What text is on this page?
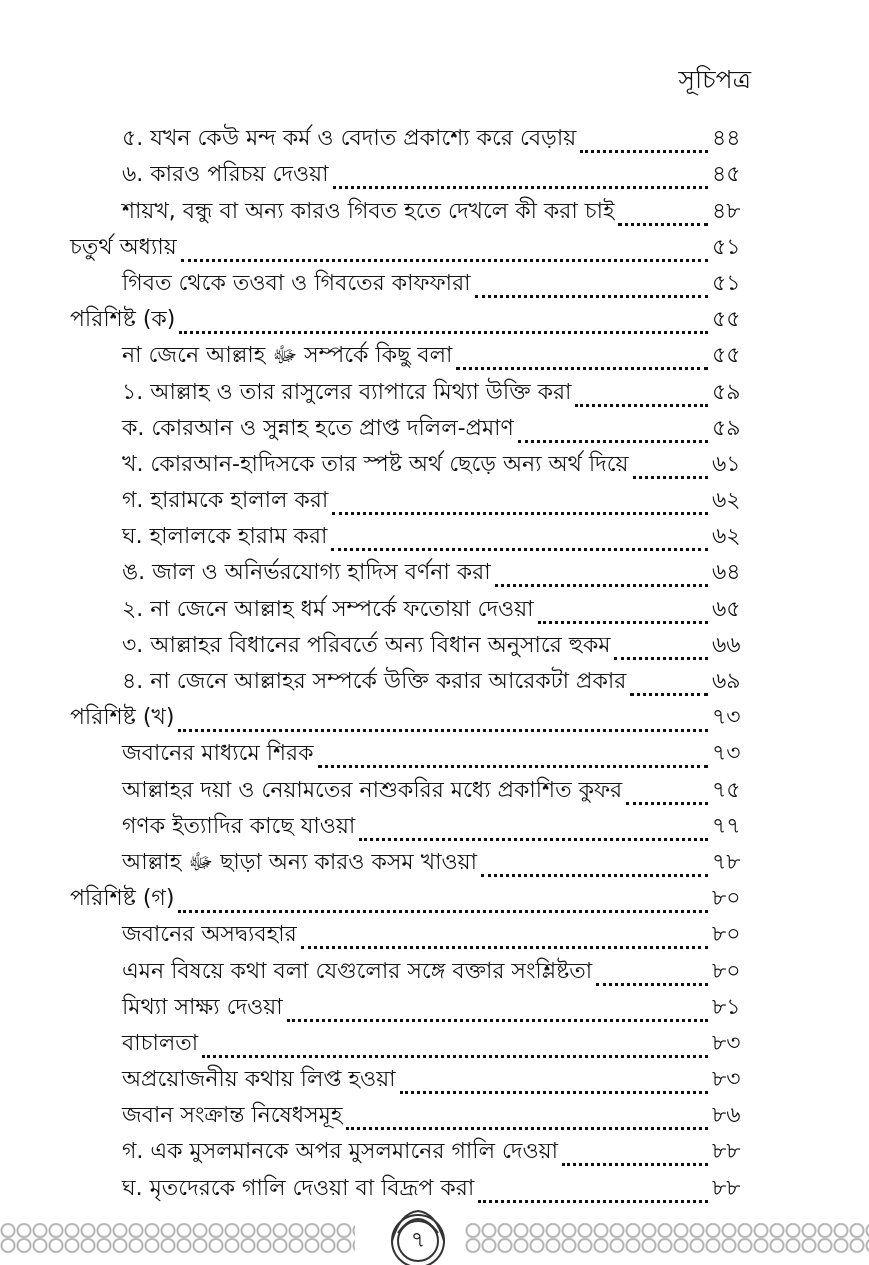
সূচিপত্র
৫. যখন কেউ মন্দ কর্ম ও বেদাত প্রকাশ্যে করে বেড়ায়	৪৪
৬. কারও পরিচয় দেওয়া	৪৫
শায়খ, বন্ধু বা অন্য কারও গিবত হতে দেখলে কী করা চাই	৪৮
চতুর্থ অধ্যায়	৫১
গিবত থেকে তওবা ও গিবতের কাফফারা	৫১
পরিশিষ্ট (ক)	৫৫
না জেনে আল্লাহ ﷻ সম্পর্কে কিছু বলা	৫৫
১. আল্লাহ ও তার রাসুলের ব্যাপারে মিথ্যা উক্তি করা	৫৯
ক. কোরআন ও সুন্নাহ হতে প্রাপ্ত দলিল-প্রমাণ	৫৯
খ. কোরআন-হাদিসকে তার স্পষ্ট অর্থ ছেড়ে অন্য অর্থ দিয়ে	৬১
গ. হারামকে হালাল করা	৬২
ঘ. হালালকে হারাম করা	৬২
ঙ. জাল ও অনির্ভরযোগ্য হাদিস বর্ণনা করা	৬৪
২. না জেনে আল্লাহ ধর্ম সম্পর্কে ফতোয়া দেওয়া	৬৫
৩. আল্লাহর বিধানের পরিবর্তে অন্য বিধান অনুসারে হুকম	৬৬
৪. না জেনে আল্লাহর সম্পর্কে উক্তি করার আরেকটা প্রকার	৬৯
পরিশিষ্ট (খ)	৭৩
জবানের মাধ্যমে শিরক	৭৩
আল্লাহর দয়া ও নেয়ামতের নাশুকরির মধ্যে প্রকাশিত কুফর	৭৫
গণক ইত্যাদির কাছে যাওয়া	৭৭
আল্লাহ ﷻ ছাড়া অন্য কারও কসম খাওয়া	৭৮
পরিশিষ্ট (গ)	৮০
জবানের অসদ্ব্যবহার	৮০
এমন বিষয়ে কথা বলা যেগুলোর সঙ্গে বক্তার সংশ্লিষ্টতা	৮০
মিথ্যা সাক্ষ্য দেওয়া	৮১
বাচালতা	৮৩
অপ্রয়োজনীয় কথায় লিপ্ত হওয়া	৮৩
জবান সংক্রান্ত নিষেধসমূহ	৮৬
গ. এক মুসলমানকে অপর মুসলমানের গালি দেওয়া	৮৮
ঘ. মৃতদেরকে গালি দেওয়া বা বিদ্রূপ করা	৮৮
৭
